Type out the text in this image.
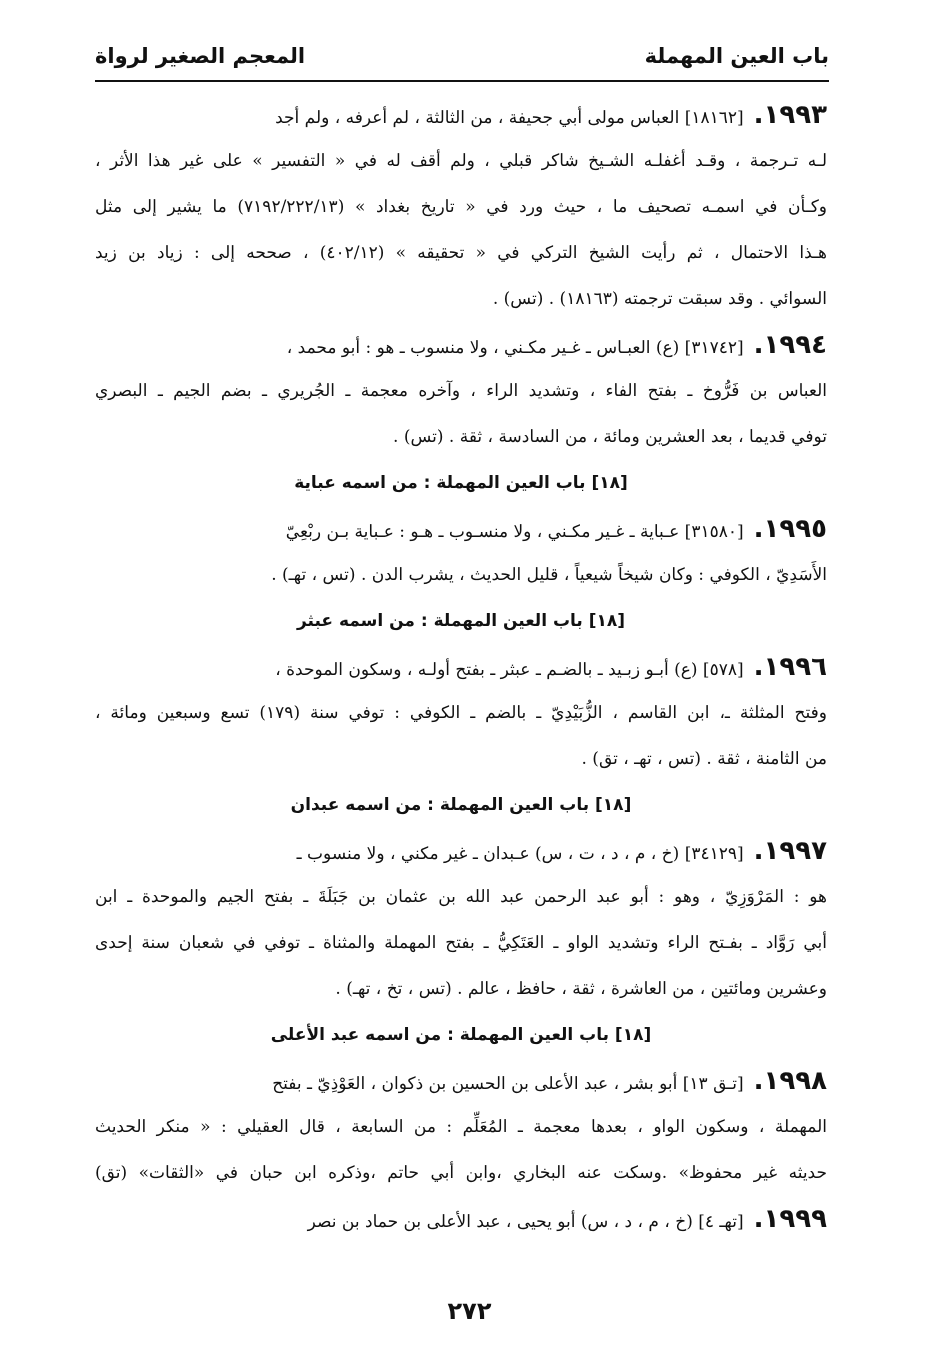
باب العين المهملة
المعجم الصغير لرواة
١٩٩٣.[١٨١٦٢] العباس مولى أبي جحيفة ، من الثالثة ، لم أعرفه ، ولم أجد
لـه تـرجمة ، وقـد أغفلـه الشـيخ شاكر قبلي ، ولم أقف له في « التفسير » على غير هذا الأثر ،
وكـأن في اسمـه تصحيف ما ، حيث ورد في « تاريخ بغداد » (٧١٩٢/٢٢٢/١٣) ما يشير إلى مثل
هـذا الاحتمال ، ثم رأيت الشيخ التركي في « تحقيقه » (٤٠٢/١٢) ، صححه إلى : زياد بن زيد
السوائي . وقد سبقت ترجمته (١٨١٦٣) . (تس) .
١٩٩٤.[٣١٧٤٢] (ع) العبـاس ـ غـير مكـني ، ولا منسوب ـ هو : أبو محمد ،
العباس بن فَرُّوخ ـ بفتح الفاء ، وتشديد الراء ، وآخره معجمة ـ الجُريري ـ بضم الجيم ـ البصري
توفي قديما ، بعد العشرين ومائة ، من السادسة ، ثقة . (تس) .
[١٨] باب العين المهملة : من اسمه عباية
١٩٩٥.[٣١٥٨٠] عـباية ـ غـير مكـني ، ولا منسـوب ـ هـو : عـباية بـن ربْعِيّ
الأَسَدِيّ ، الكوفي : وكان شيخاً شيعياً ، قليل الحديث ، يشرب الدن . (تس ، تهـ) .
[١٨] باب العين المهملة : من اسمه عبثر
١٩٩٦.[٥٧٨] (ع) أبـو زبـيد ـ بالضـم ـ عبثر ـ بفتح أولـه ، وسكون الموحدة ،
وفتح المثلثة ـ، ابن القاسم ، الزُّبَيْدِيّ ـ بالضم ـ الكوفي : توفي سنة (١٧٩) تسع وسبعين ومائة ،
من الثامنة ، ثقة . (تس ، تهـ ، تق) .
[١٨] باب العين المهملة : من اسمه عبدان
١٩٩٧.[٣٤١٢٩] (خ ، م ، د ، ت ، س) عـبدان ـ غير مكني ، ولا منسوب ـ
هو : المَرْوَزِيّ ، وهو : أبو عبد الرحمن عبد الله بن عثمان بن جَبَلَةَ ـ بفتح الجيم والموحدة ـ ابن
أبي رَوَّاد ـ بفـتح الراء وتشديد الواو ـ العَتَكِيُّ ـ بفتح المهملة والمثناة ـ توفي في شعبان سنة إحدى
وعشرين ومائتين ، من العاشرة ، ثقة ، حافظ ، عالم . (تس ، تخ ، تهـ) .
[١٨] باب العين المهملة : من اسمه عبد الأعلى
١٩٩٨.[تـق ١٣] أبو بشر ، عبد الأعلى بن الحسين بن ذكوان ، العَوْذِيّ ـ بفتح
المهملة ، وسكون الواو ، بعدها معجمة ـ المُعَلِّم : من السابعة ، قال العقيلي : « منكر الحديث
حديثه غير محفوظ» .وسكت عنه البخاري ،وابن أبي حاتم ،وذكره ابن حبان في «الثقات» (تق)
١٩٩٩.[تهـ ٤] (خ ، م ، د ، س) أبو يحيى ، عبد الأعلى بن حماد بن نصر
٢٧٢
